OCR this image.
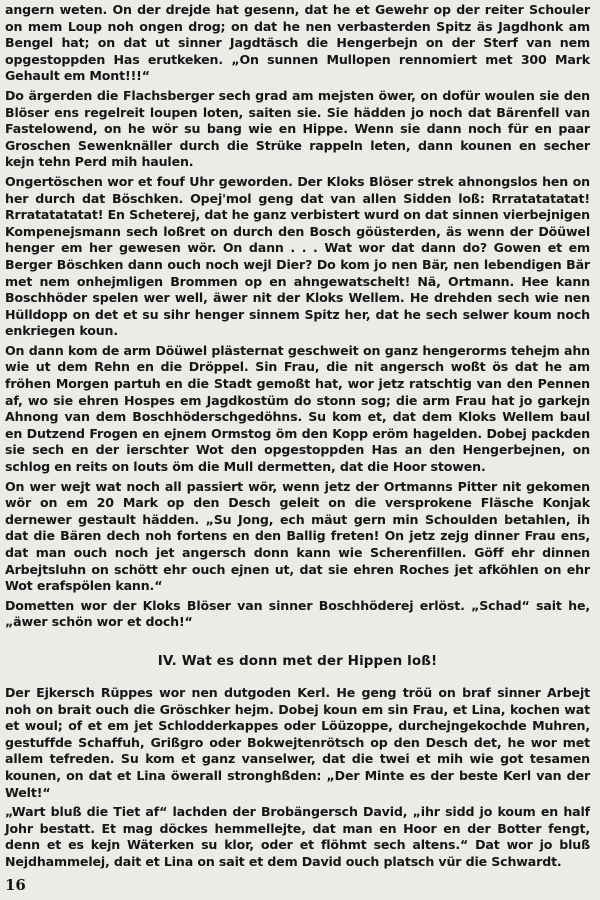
angern weten. On der drejde hat gesenn, dat he et Gewehr op der reiter Schouler on mem Loup noh ongen drog; on dat he nen verbasterden Spitz äs Jagdhonk am Bengel hat; on dat ut sinner Jagdtäsch die Hengerbejn on der Sterf van nem opgestoppden Has erutkeken. „On sunnen Mullopen rennomiert met 300 Mark Gehault em Mont!!!“

Do ärgerden die Flachsberger sech grad am mejsten öwer, on dofür woulen sie den Blöser ens regelreit loupen loten, saiten sie. Sie hädden jo noch dat Bärenfell van Fastelowend, on he wör su bang wie en Hippe. Wenn sie dann noch für en paar Groschen Sewenknäller durch die Strüke rappeln leten, dann kounen en secher kejn tehn Perd mih haulen.

Ongertöschen wor et fouf Uhr geworden. Der Kloks Blöser strek ahnongslos hen on her durch dat Böschken. Opej'mol geng dat van allen Sidden loß: Rrratatatatat! Rrratatatatat! En Scheterej, dat he ganz verbistert wurd on dat sinnen vierbejnigen Kompenejsmann sech loßret on durch den Bosch göüsterden, äs wenn der Döüwel henger em her gewesen wör. On dann . . . Wat wor dat dann do? Gowen et em Berger Böschken dann ouch noch wejl Dier? Do kom jo nen Bär, nen lebendigen Bär met nem onhejmligen Brommen op en ahngewatschelt! Nä, Ortmann. Hee kann Boschhöder spelen wer well, äwer nit der Kloks Wellem. He drehden sech wie nen Hülldopp on det et su sihr henger sinnem Spitz her, dat he sech selwer koum noch enkriegen koun.

On dann kom de arm Döüwel plästernat geschweit on ganz hengerorms tehejm ahn wie ut dem Rehn en die Dröppel. Sin Frau, die nit angersch woßt ös dat he am fröhen Morgen partuh en die Stadt gemoßt hat, wor jetz ratschtig van den Pennen af, wo sie ehren Hospes em Jagdkostüm do stonn sog; die arm Frau hat jo garkejn Ahnong van dem Boschhöderschgedöhns. Su kom et, dat dem Kloks Wellem baul en Dutzend Frogen en ejnem Ormstog öm den Kopp eröm hagelden. Dobej packden sie sech en der ierschter Wot den opgestoppden Has an den Hengerbejnen, on schlog en reits on louts öm die Mull dermetten, dat die Hoor stowen.

On wer wejt wat noch all passiert wör, wenn jetz der Ortmanns Pitter nit gekomen wör on em 20 Mark op den Desch geleit on die versprokene Fläsche Konjak dernewer gestault hädden. „Su Jong, ech mäut gern min Schoulden betahlen, ih dat die Bären dech noh fortens en den Ballig freten! On jetz zejg dinner Frau ens, dat man ouch noch jet angersch donn kann wie Scherenfillen. Göff ehr dinnen Arbejtsluhn on schött ehr ouch ejnen ut, dat sie ehren Roches jet afköhlen on ehr Wot erafspölen kann.“

Dometten wor der Kloks Blöser van sinner Boschhöderej erlöst. „Schad“ sait he, „äwer schön wor et doch!“

IV. Wat es donn met der Hippen loß!

Der Ejkersch Rüppes wor nen dutgoden Kerl. He geng tröü on braf sinner Arbejt noh on brait ouch die Gröschker hejm. Dobej koun em sin Frau, et Lina, kochen wat et woul; of et em jet Schlodderkappes oder Löüzoppe, durchejngekochde Muhren, gestuffde Schaffuh, Grißgro oder Bokwejtenrötsch op den Desch det, he wor met allem tefreden. Su kom et ganz vanselwer, dat die twei et mih wie got tesamen kounen, on dat et Lina öwerall stronghßden: „Der Minte es der beste Kerl van der Welt!“

„Wart bluß die Tiet af“ lachden der Brobängersch David, „ihr sidd jo koum en half Johr bestatt. Et mag döckes hemmellejte, dat man en Hoor en der Botter fengt, denn et es kejn Wäterken su klor, oder et flöhmt sech altens.“ Dat wor jo bluß Nejdhammelej, dait et Lina on sait et dem David ouch platsch vür die Schwardt.

16
